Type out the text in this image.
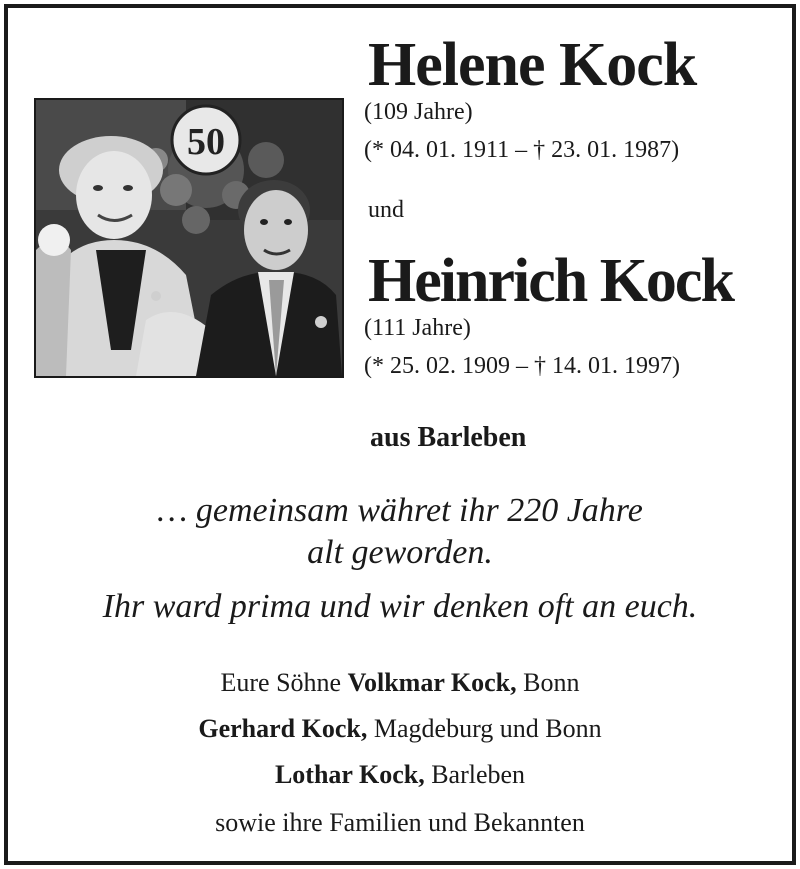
50
Helene Kock
(109 Jahre)
(* 04. 01. 1911 – † 23. 01. 1987)
und
Heinrich Kock
(111 Jahre)
(* 25. 02. 1909 – † 14. 01. 1997)
aus Barleben
… gemeinsam währet ihr 220 Jahre
alt geworden.
Ihr ward prima und wir denken oft an euch.
Eure Söhne Volkmar Kock, Bonn
Gerhard Kock, Magdeburg und Bonn
Lothar Kock, Barleben
sowie ihre Familien und Bekannten
